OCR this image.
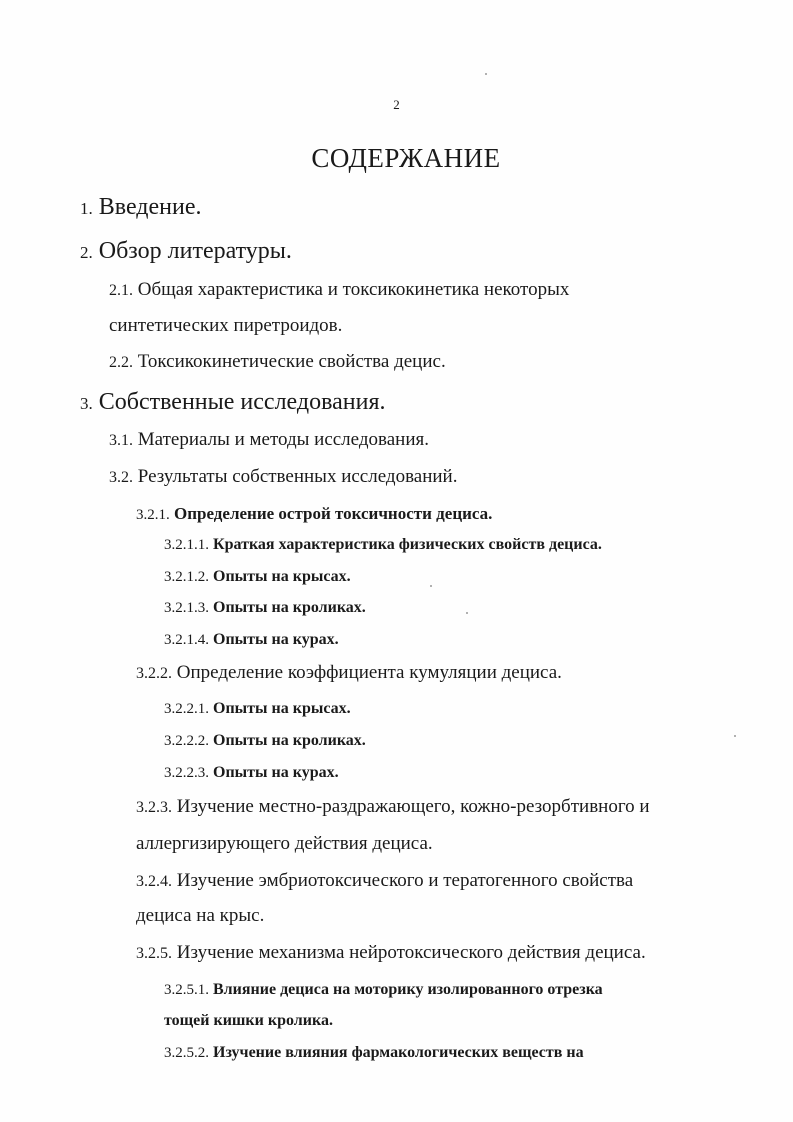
2
СОДЕРЖАНИЕ
1. Введение.
2. Обзор литературы.
2.1. Общая характеристика и токсикокинетика некоторых
синтетических пиретроидов.
2.2. Токсикокинетические свойства децис.
3. Собственные исследования.
3.1. Материалы и методы исследования.
3.2. Результаты собственных исследований.
3.2.1. Определение острой токсичности дециса.
3.2.1.1. Краткая характеристика физических свойств дециса.
3.2.1.2. Опыты на крысах.
3.2.1.3. Опыты на кроликах.
3.2.1.4. Опыты на курах.
3.2.2. Определение коэффициента кумуляции дециса.
3.2.2.1. Опыты на крысах.
3.2.2.2. Опыты на кроликах.
3.2.2.3. Опыты на курах.
3.2.3. Изучение местно-раздражающего, кожно-резорбтивного и
аллергизирующего действия дециса.
3.2.4. Изучение эмбриотоксического и тератогенного свойства
дециса на крыс.
3.2.5. Изучение механизма нейротоксического действия дециса.
3.2.5.1. Влияние дециса на моторику изолированного отрезка
тощей кишки кролика.
3.2.5.2. Изучение влияния фармакологических веществ на
